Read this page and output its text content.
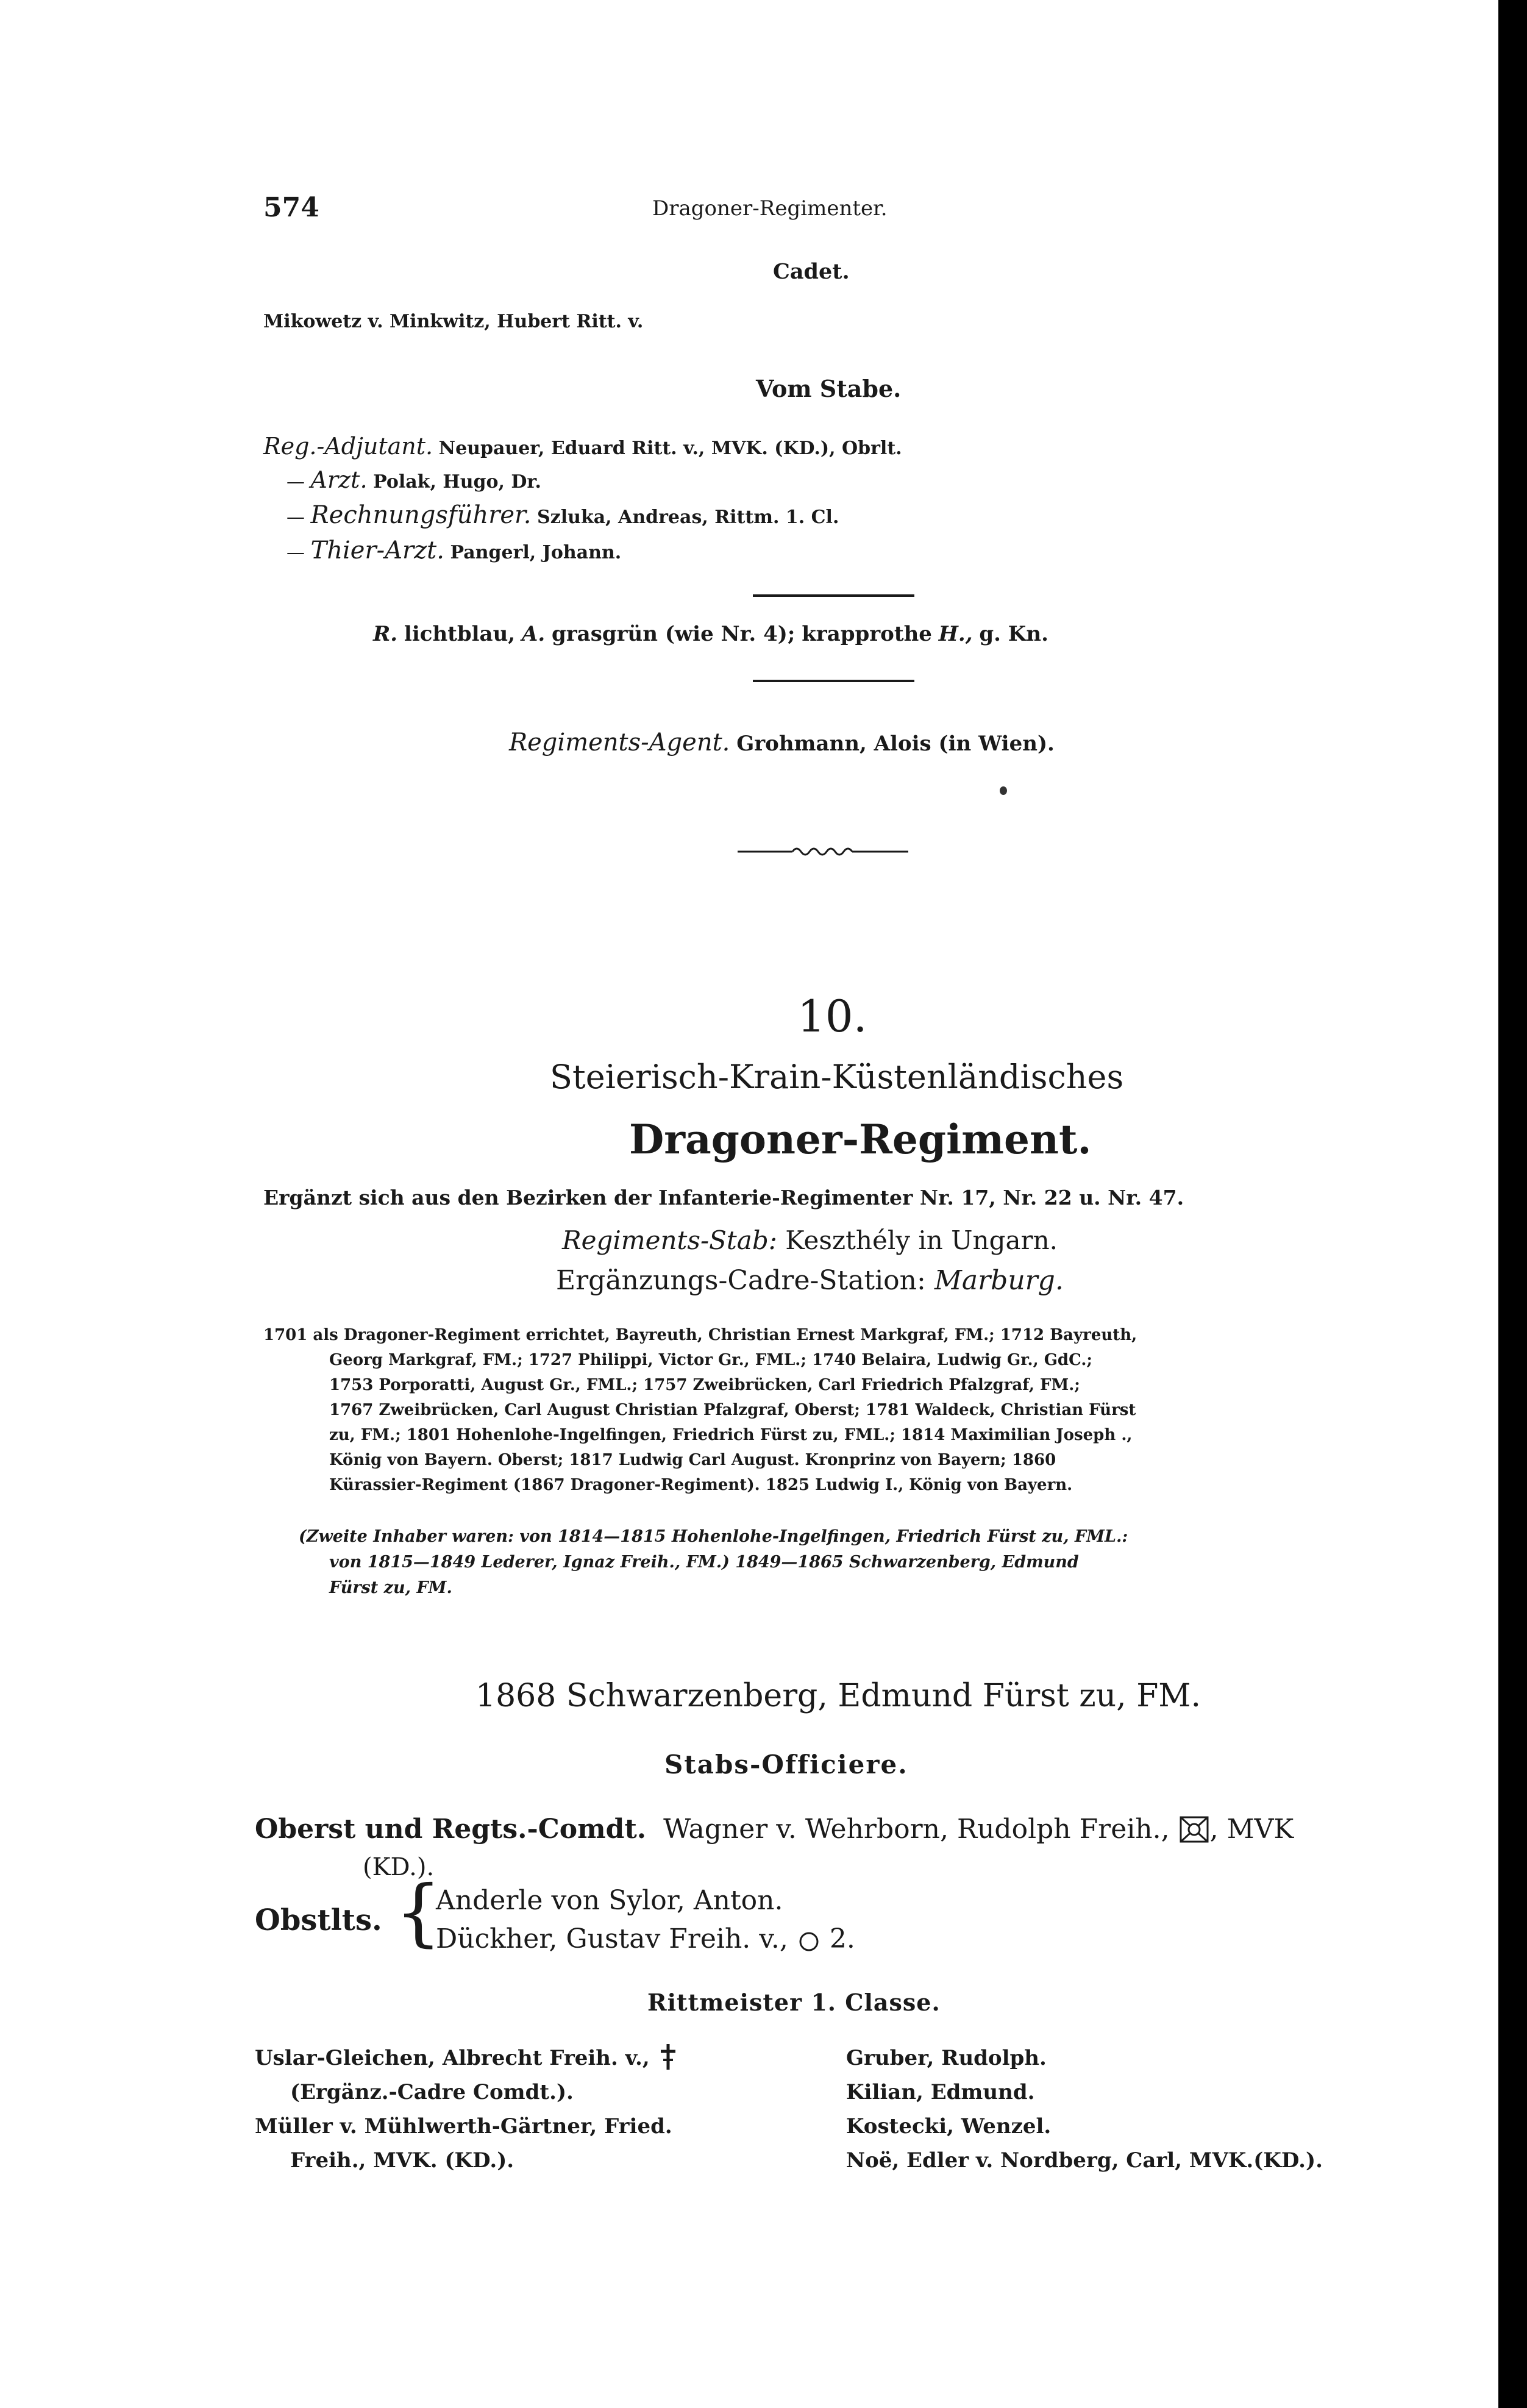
574	Dragoner-Regimenter.
Cadet.
Mikowetz v. Minkwitz, Hubert Ritt. v.
Vom Stabe.
Reg.-Adjutant. Neupauer, Eduard Ritt. v., MVK. (KD.), Obrlt.
— Arzt. Polak, Hugo, Dr.
— Rechnungsführer. Szluka, Andreas, Rittm. 1. Cl.
— Thier-Arzt. Pangerl, Johann.
R. lichtblau, A. grasgrün (wie Nr. 4); krapprothe H., g. Kn.
Regiments-Agent. Grohmann, Alois (in Wien).
10.
Steierisch-Krain-Küstenländisches
Dragoner-Regiment.
Ergänzt sich aus den Bezirken der Infanterie-Regimenter Nr. 17, Nr. 22 u. Nr. 47.
Regiments-Stab: Keszthély in Ungarn.
Ergänzungs-Cadre-Station: Marburg.
1701 als Dragoner-Regiment errichtet, Bayreuth, Christian Ernest Markgraf, FM.; 1712 Bayreuth,
Georg Markgraf, FM.; 1727 Philippi, Victor Gr., FML.; 1740 Belaira, Ludwig Gr., GdC.;
1753 Porporatti, August Gr., FML.; 1757 Zweibrücken, Carl Friedrich Pfalzgraf, FM.;
1767 Zweibrücken, Carl August Christian Pfalzgraf, Oberst; 1781 Waldeck, Christian Fürst
zu, FM.; 1801 Hohenlohe-Ingelfingen, Friedrich Fürst zu, FML.; 1814 Maximilian Joseph .,
König von Bayern. Oberst; 1817 Ludwig Carl August. Kronprinz von Bayern; 1860
Kürassier-Regiment (1867 Dragoner-Regiment). 1825 Ludwig I., König von Bayern.
(Zweite Inhaber waren: von 1814—1815 Hohenlohe-Ingelfingen, Friedrich Fürst zu, FML.:
von 1815—1849 Lederer, Ignaz Freih., FM.) 1849—1865 Schwarzenberg, Edmund
Fürst zu, FM.
1868 Schwarzenberg, Edmund Fürst zu, FM.
Stabs-Officiere.
Oberst und Regts.-Comdt. Wagner v. Wehrborn, Rudolph Freih., , MVK
(KD.).
Obstlts. {
Anderle von Sylor, Anton.
Dückher, Gustav Freih. v., 2.
Rittmeister 1. Classe.
Uslar-Gleichen, Albrecht Freih. v.,
(Ergänz.-Cadre Comdt.).
Müller v. Mühlwerth-Gärtner, Fried.
Freih., MVK. (KD.).
Gruber, Rudolph.
Kilian, Edmund.
Kostecki, Wenzel.
Noë, Edler v. Nordberg, Carl, MVK.(KD.).
